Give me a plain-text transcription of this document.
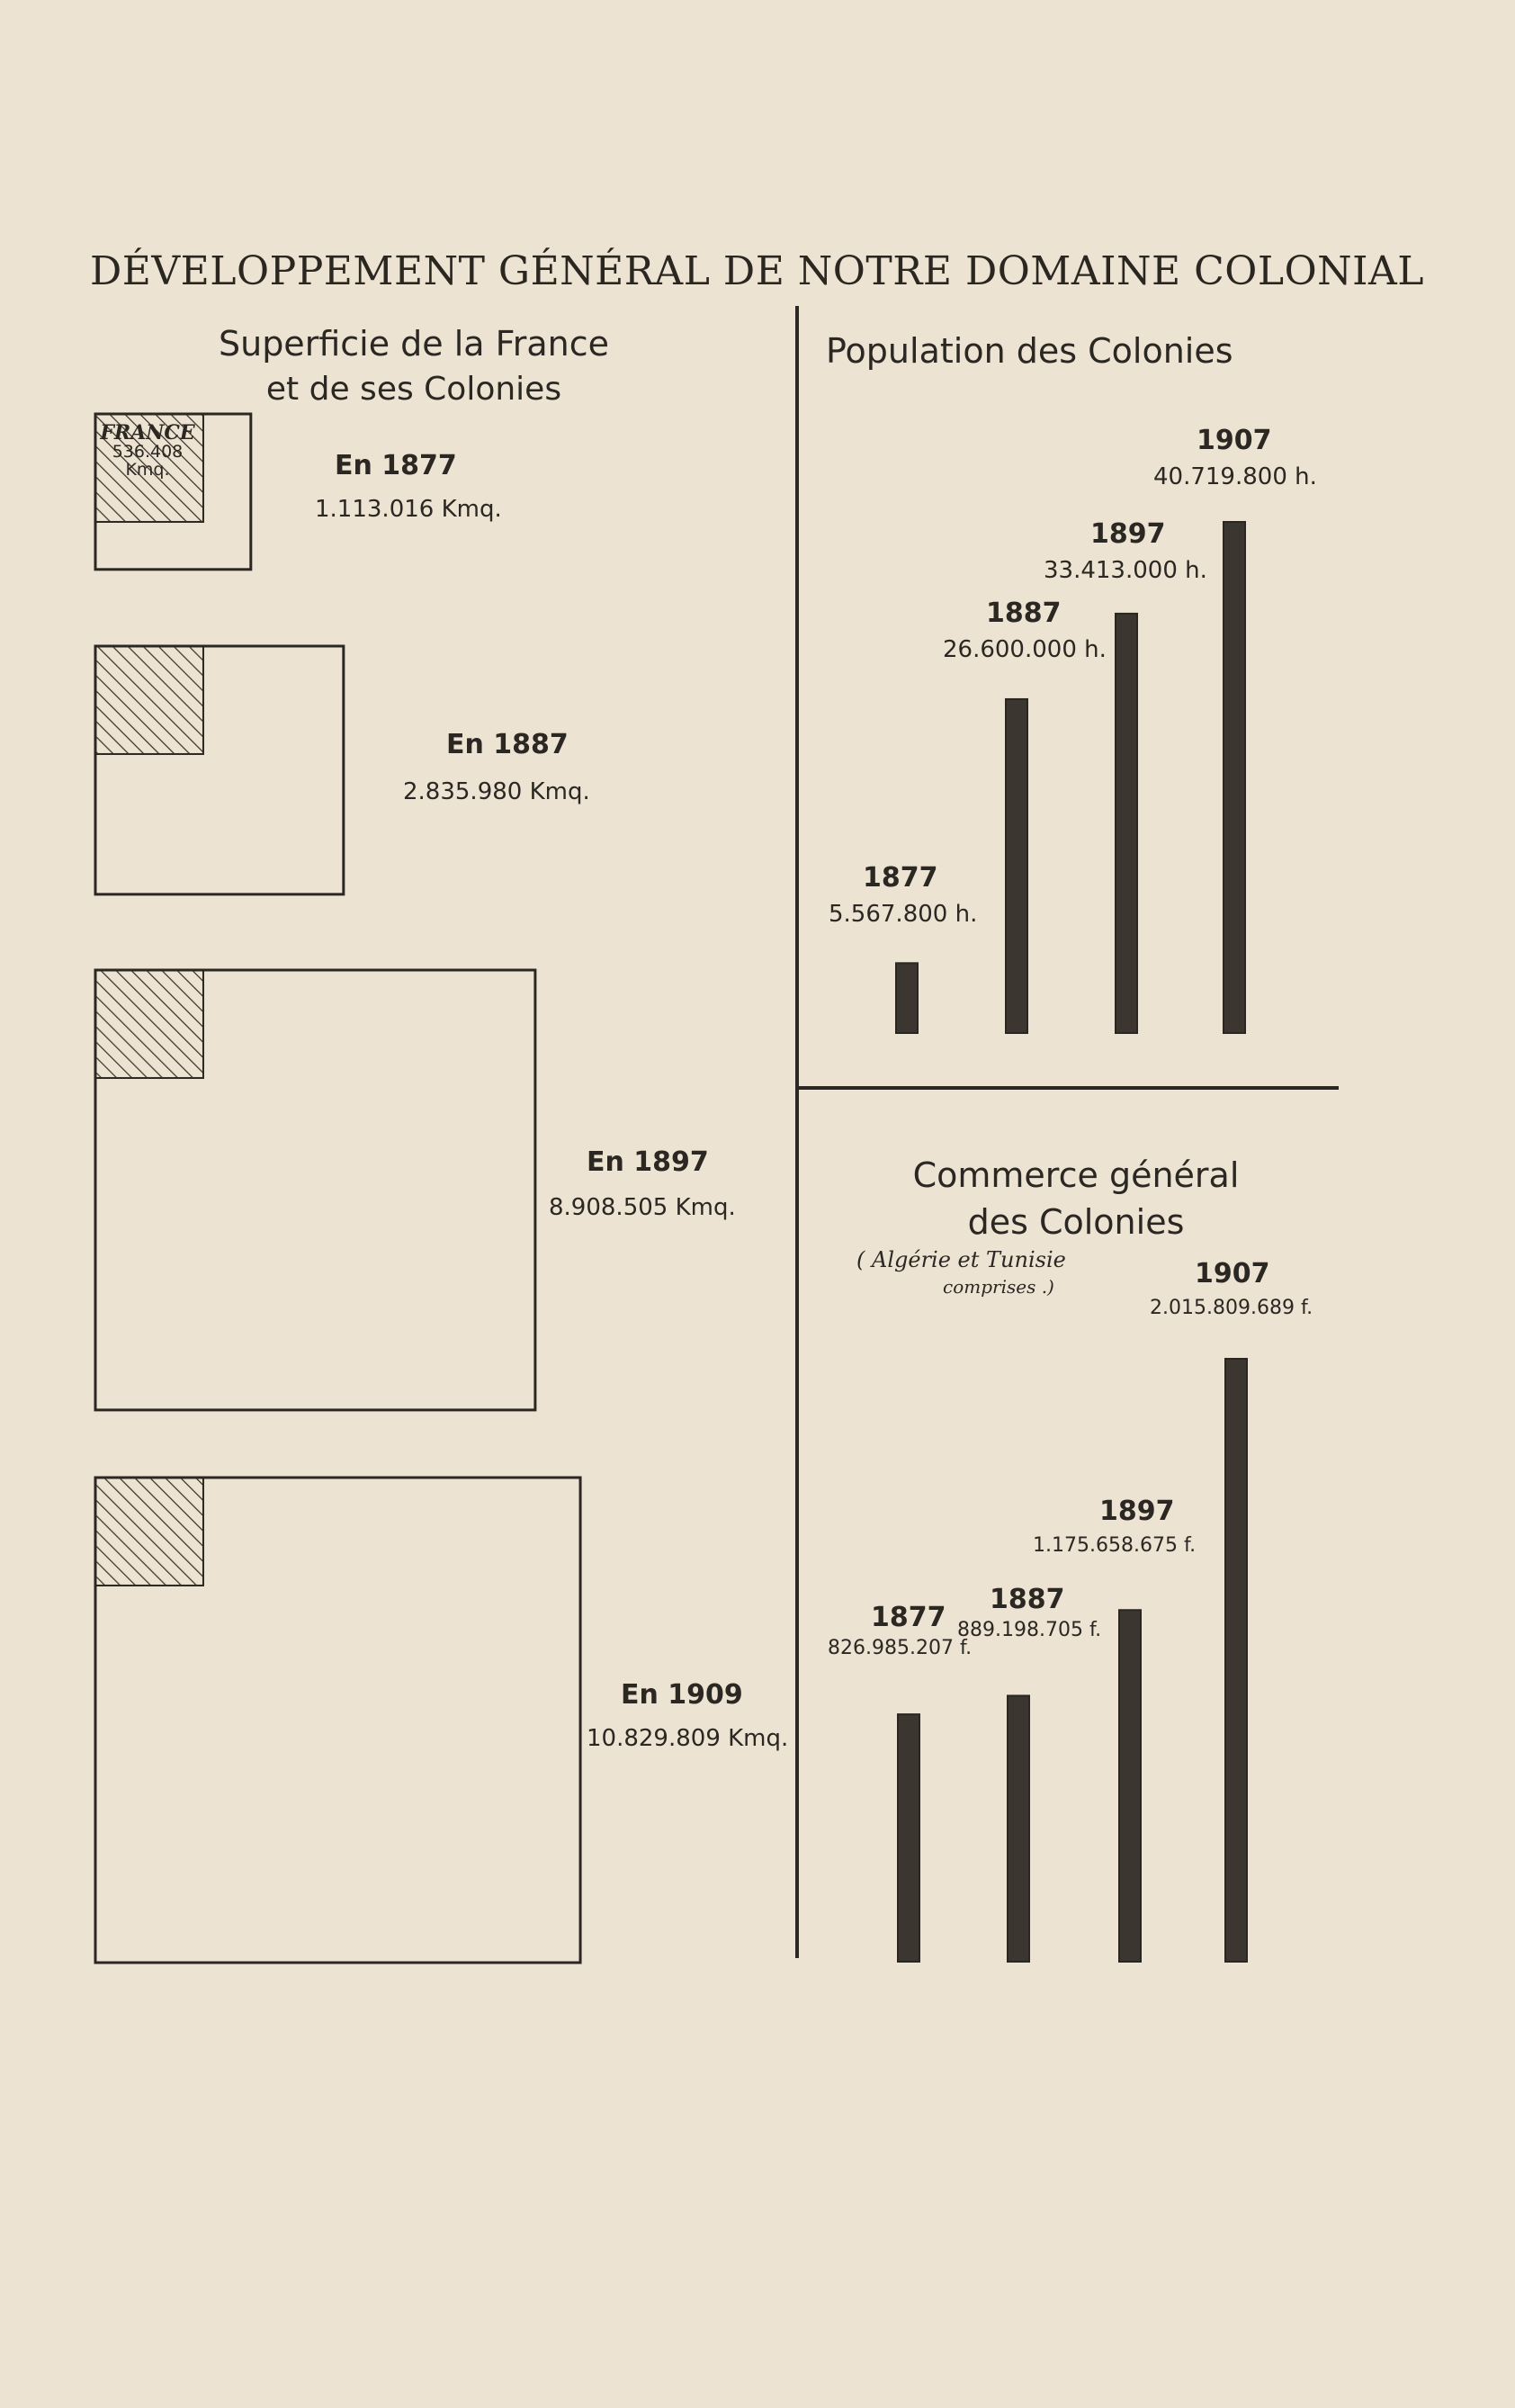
DÉVELOPPEMENT GÉNÉRAL DE NOTRE DOMAINE COLONIAL
Superficie de la France
et de ses Colonies
FRANCE
536.408
Kmq.	En 1877
1.113.016 Kmq.
En 1887
2.835.980 Kmq.
En 1897
8.908.505 Kmq.
En 1909
10.829.809 Kmq.
Population des Colonies
1877
5.567.800 h.
1887
26.600.000 h.
1897
33.413.000 h.
1907
40.719.800 h.
Commerce général des Colonies
( Algérie et Tunisie
comprises .)
1877
826.985.207 f.
1887
889.198.705 f.
1897
1.175.658.675 f.
1907
2.015.809.689 f.
